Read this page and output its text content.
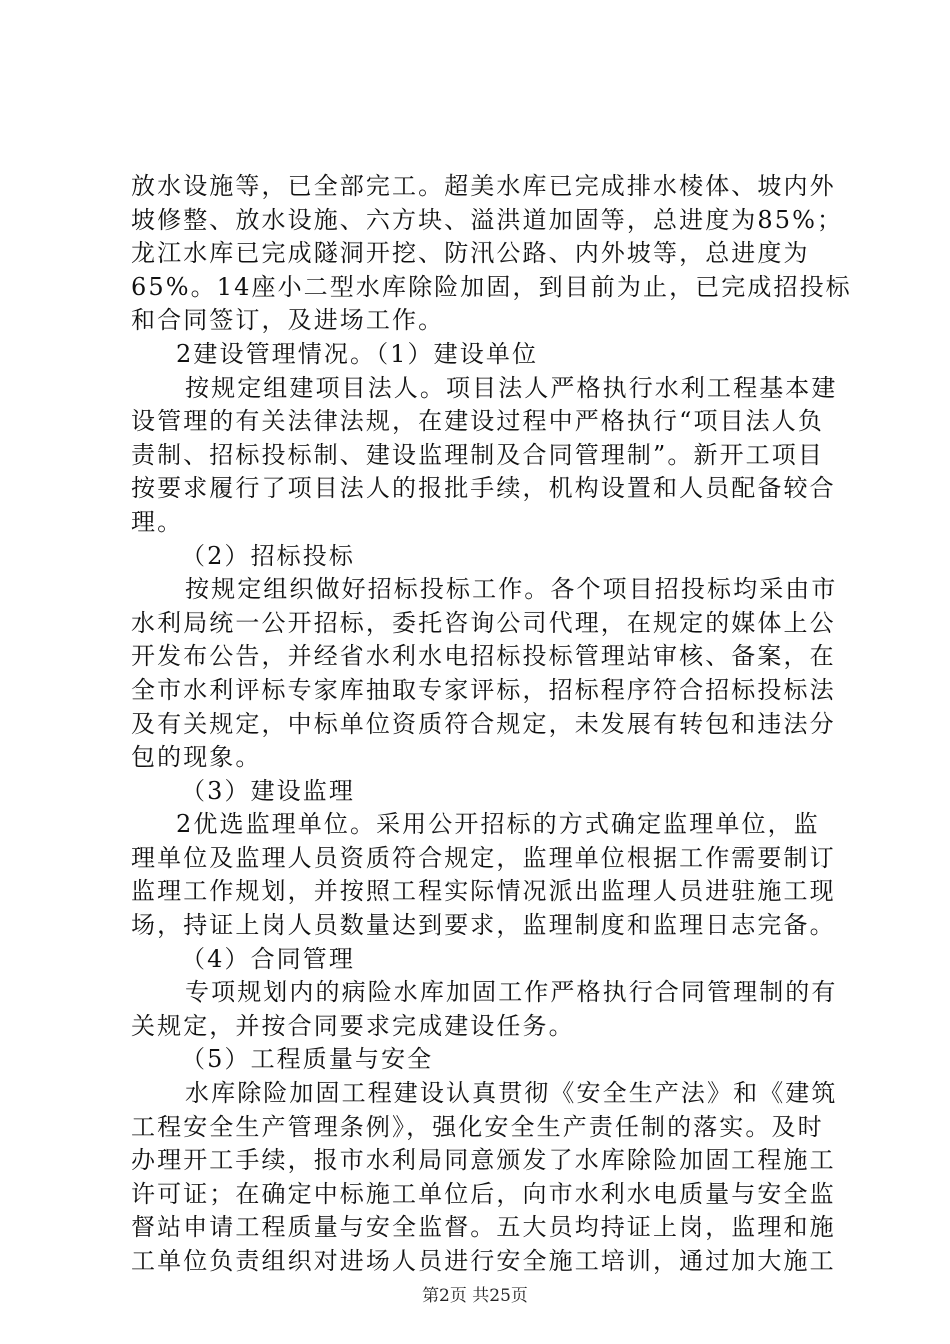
放水设施等，已全部完工。超美水库已完成排水棱体、坡内外
坡修整、放水设施、六方块、溢洪道加固等，总进度为85%；
龙江水库已完成隧洞开挖、防汛公路、内外坡等，总进度为
65%。14座小二型水库除险加固，到目前为止，已完成招投标
和合同签订，及进场工作。
2建设管理情况。（1）建设单位
按规定组建项目法人。项目法人严格执行水利工程基本建
设管理的有关法律法规，在建设过程中严格执行“项目法人负
责制、招标投标制、建设监理制及合同管理制”。新开工项目
按要求履行了项目法人的报批手续，机构设置和人员配备较合
理。
（2）招标投标
按规定组织做好招标投标工作。各个项目招投标均采由市
水利局统一公开招标，委托咨询公司代理，在规定的媒体上公
开发布公告，并经省水利水电招标投标管理站审核、备案，在
全市水利评标专家库抽取专家评标，招标程序符合招标投标法
及有关规定，中标单位资质符合规定，未发展有转包和违法分
包的现象。
（3）建设监理
2优选监理单位。采用公开招标的方式确定监理单位，监
理单位及监理人员资质符合规定，监理单位根据工作需要制订
监理工作规划，并按照工程实际情况派出监理人员进驻施工现
场，持证上岗人员数量达到要求，监理制度和监理日志完备。
（4）合同管理
专项规划内的病险水库加固工作严格执行合同管理制的有
关规定，并按合同要求完成建设任务。
（5）工程质量与安全
水库除险加固工程建设认真贯彻《安全生产法》和《建筑
工程安全生产管理条例》，强化安全生产责任制的落实。及时
办理开工手续，报市水利局同意颁发了水库除险加固工程施工
许可证；在确定中标施工单位后，向市水利水电质量与安全监
督站申请工程质量与安全监督。五大员均持证上岗，监理和施
工单位负责组织对进场人员进行安全施工培训，通过加大施工
第2页 共25页
